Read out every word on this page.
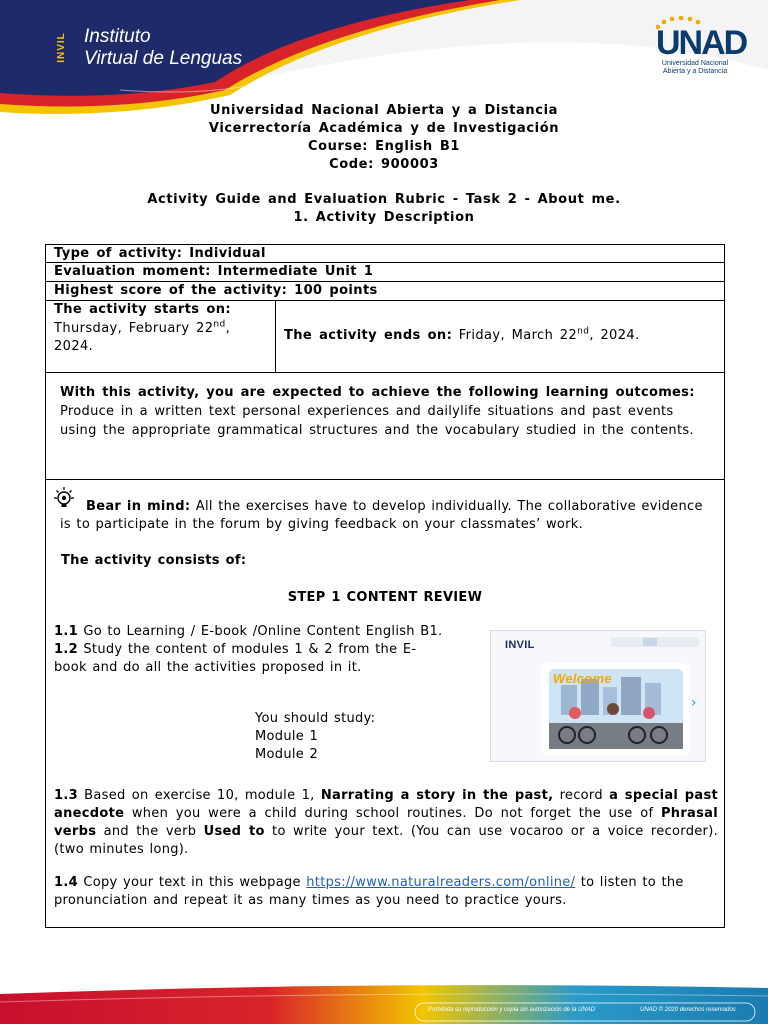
INVIL Instituto
Virtual de Lenguas	UNAD
Universidad Nacional
Abierta y a Distancia
Universidad Nacional Abierta y a Distancia
Vicerrectoría Académica y de Investigación
Course: English B1
Code: 900003
Activity Guide and Evaluation Rubric - Task 2 - About me.
1. Activity Description
Type of activity: Individual
Evaluation moment: Intermediate Unit 1
Highest score of the activity: 100 points
The activity starts on:
Thursday, February 22nd,
2024.
The activity ends on: Friday, March 22nd, 2024.
With this activity, you are expected to achieve the following learning outcomes: Produce in a written text personal experiences and dailylife situations and past events using the appropriate grammatical structures and the vocabulary studied in the contents.
Bear in mind: All the exercises have to develop individually. The collaborative evidence is to participate in the forum by giving feedback on your classmates’ work.
The activity consists of:
STEP 1 CONTENT REVIEW
1.1 Go to Learning / E-book /Online Content English B1.
1.2 Study the content of modules 1 & 2 from the E-book and do all the activities proposed in it.
INVIL
Welcome
›
You should study:
Module 1
Module 2
1.3 Based on exercise 10, module 1, Narrating a story in the past, record a special past anecdote when you were a child during school routines. Do not forget the use of Phrasal verbs and the verb Used to to write your text. (You can use vocaroo or a voice recorder). (two minutes long).
1.4 Copy your text in this webpage https://www.naturalreaders.com/online/ to listen to the pronunciation and repeat it as many times as you need to practice yours.
Prohibida su reproducción y copia sin autorización de la UNAD	UNAD © 2020 derechos reservados
